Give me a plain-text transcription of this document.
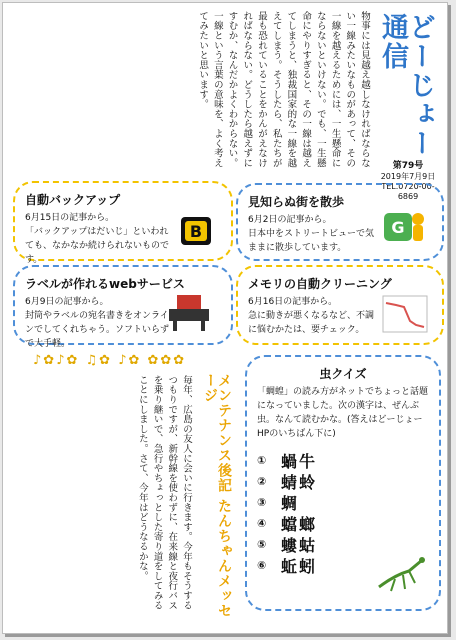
物事には見越え越しなければならない一線みたいなものがあって、その一線を越えるためには、一生懸命にならないといけない。でも、一生懸命にやりすぎると、その一線は越えてしまうと、独裁国家的な一線を越えてしまう。そうしたら、私たちが最も恐れていることをかんがえなければならない。どうしたら越えずにすむか、なんだかよくわからない。一線という言葉の意味を、よく考えてみたいと思います。	どーじょー通信
第79号
2019年7月9日
TEL.0720-00-6869
自動バックアップ

6月15日の記事から。

「バックアップはだいじ」といわれても、なかなか続けられないものです。

B
見知らぬ街を散歩

6月2日の記事から。

日本中をストリートビューで気ままに散歩しています。

G
ラベルが作れるwebサービス

6月9日の記事から。

封筒やラベルの宛名書きをオンラインでしてくれちゃう。ソフトいらずで大手軽。

メモリの自動クリーニング

6月16日の記事から。

急に動きが悪くなるなど、不調に悩むかたは、要チェック。

♪✿♪✿ ♫✿ ♪✿ ✿✿✿
毎年、広島の友人に会いに行きます。今年もそうするつもりですが、新幹線を使わずに、在来線と夜行バスを乗り継いで、急行やちょっとした寄り道をしてみることにしました。さて、今年はどうなるかな。	メンテナンス後記 たんちゃんメッセージ	虫クイズ

「蜩蝗」の読み方がネットでちょっと話題になっていました。次の漢字は、ぜんぶ虫。なんて読むかな。(答えはどーじょーHPのいちばん下に)

① 蝸牛
② 蜻蛉
③ 蜩
④ 蟷螂
⑤ 螻蛄
⑥ 蚯蚓
